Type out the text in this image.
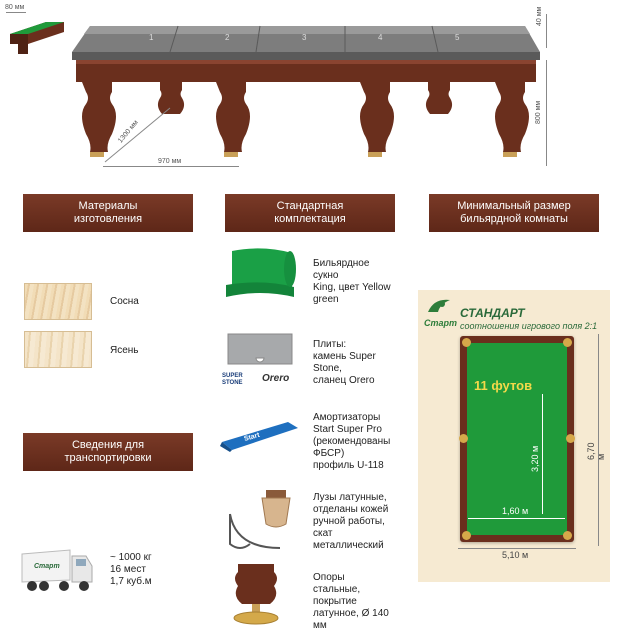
80 мм
1	2	3	4	5
40 мм
800 мм
1300 мм
970 мм
Материалы
изготовления
Стандартная
комплектация
Минимальный размер
бильярдной комнаты
Сведения для
транспортировки
Сосна
Ясень
Старт
~ 1000 кг
16 мест
1,7 куб.м
Бильярдное
сукно
King, цвет Yellow
green
SUPER STONE	Orero
Плиты:
камень Super
Stone,
сланец Orero
Start
Амортизаторы
Start Super Pro
(рекомендованы
ФБСР)
профиль U-118
Лузы латунные,
отделаны кожей
ручной работы,
скат
металлический
Опоры
стальные,
покрытие
латунное, Ø 140
мм
Старт
СТАНДАРТ
соотношения игрового поля 2:1
11 футов
3,20 м
1,60 м
6,70 м
5,10 м
